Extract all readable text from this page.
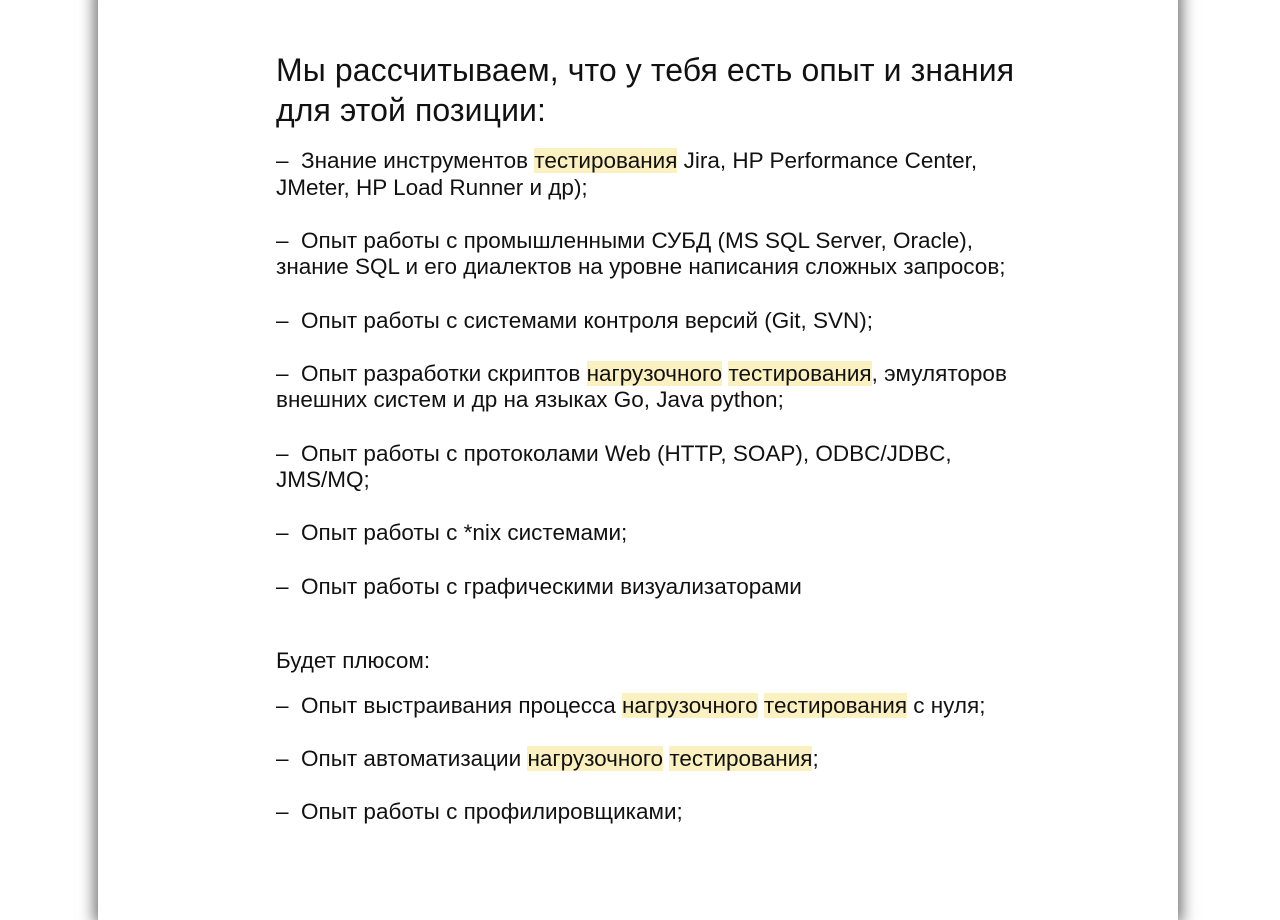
Мы рассчитываем, что у тебя есть опыт и знания для этой позиции:

–  Знание инструментов тестирования Jira, HP Performance Center, JMeter, HP Load Runner и др);

–  Опыт работы с промышленными СУБД (MS SQL Server, Oracle), знание SQL и его диалектов на уровне написания сложных запросов;

–  Опыт работы с системами контроля версий (Git, SVN);

–  Опыт разработки скриптов нагрузочного тестирования, эмуляторов внешних систем и др на языках Go, Java python;

–  Опыт работы с протоколами Web (HTTP, SOAP), ODBC/JDBC, JMS/MQ;

–  Опыт работы с *nix системами;

–  Опыт работы с графическими визуализаторами

Будет плюсом:

–  Опыт выстраивания процесса нагрузочного тестирования с нуля;

–  Опыт автоматизации нагрузочного тестирования;

–  Опыт работы с профилировщиками;
